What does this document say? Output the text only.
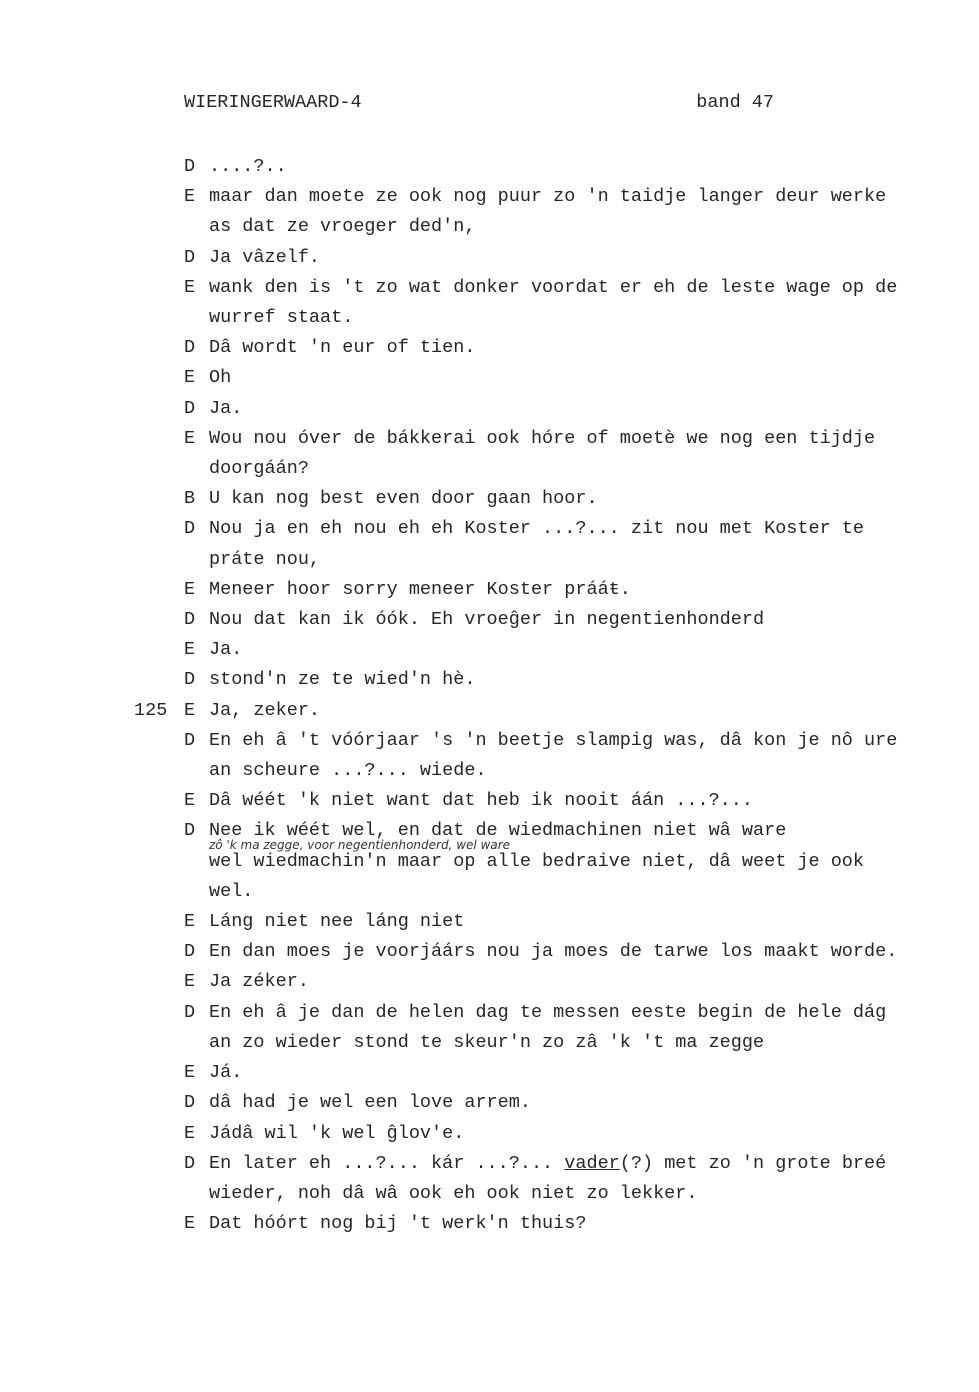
WIERINGERWAARD-4	band 47
D ....?..
E maar dan moete ze ook nog puur zo 'n taidje langer deur werke as dat ze vroeger ded'n,
D Ja vâzelf.
E wank den is 't zo wat donker voordat er eh de leste wage op de wurref staat.
D Dâ wordt 'n eur of tien.
E Oh
D Ja.
E Wou nou óver de bákkerai ook hóre of moetè we nog een tijdje doorgáán?
B U kan nog best even door gaan hoor.
D Nou ja en eh nou eh eh Koster ...?... zit nou met Koster te práte nou,
E Meneer hoor sorry meneer Koster prááŧ.
D Nou dat kan ik óók. Eh vroeĝer in negentienhonderd
E Ja.
D stond'n ze te wied'n hè.
125 E Ja, zeker.
D En eh â 't vóórjaar 's 'n beetje slampig was, dâ kon je nô ure an scheure ...?... wiede.
E Dâ wéét 'k niet want dat heb ik nooit áán ...?...
D Nee ik wéét wel, en dat de wiedmachinen niet wâ ware
zô 'k ma zegge, voor negentienhonderd, wel ware
wel wiedmachin'n maar op alle bedraive niet, dâ weet je ook wel.
E Láng niet nee láng niet
D En dan moes je voorjáárs nou ja moes de tarwe los maakt worde.
E Ja zéker.
D En eh â je dan de helen dag te messen eeste begin de hele dág an zo wieder stond te skeur'n zo zâ 'k 't ma zegge
E Já.
D dâ had je wel een love arrem.
E Jádâ wil 'k wel ĝlov'e.
D En later eh ...?... kár ...?... vader(?) met zo 'n grote breé wieder, noh dâ wâ ook eh ook niet zo lekker.
E Dat hóórt nog bij 't werk'n thuis?
